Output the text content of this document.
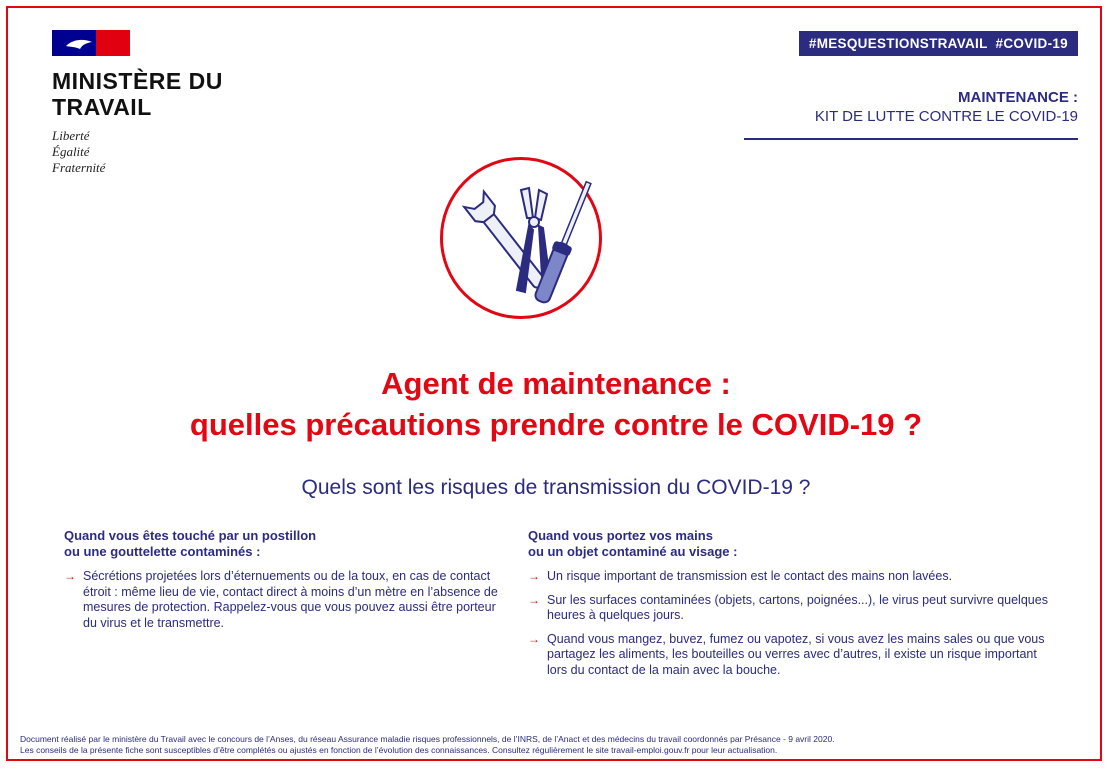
MINISTÈRE DU TRAVAIL
Liberté
Égalité
Fraternité
#MESQUESTIONSTRAVAIL  #COVID-19
MAINTENANCE :
KIT DE LUTTE CONTRE LE COVID-19
Agent de maintenance :
quelles précautions prendre contre le COVID-19 ?
Quels sont les risques de transmission du COVID-19 ?
Quand vous êtes touché par un postillon
ou une gouttelette contaminés :
→ Sécrétions projetées lors d’éternuements ou de la toux, en cas de contact étroit : même lieu de vie, contact direct à moins d’un mètre en l’absence de mesures de protection. Rappelez-vous que vous pouvez aussi être porteur du virus et le transmettre.
Quand vous portez vos mains
ou un objet contaminé au visage :
→ Un risque important de transmission est le contact des mains non lavées.
→ Sur les surfaces contaminées (objets, cartons, poignées...), le virus peut survivre quelques heures à quelques jours.
→ Quand vous mangez, buvez, fumez ou vapotez, si vous avez les mains sales ou que vous partagez les aliments, les bouteilles ou verres avec d’autres, il existe un risque important lors du contact de la main avec la bouche.
Document réalisé par le ministère du Travail avec le concours de l’Anses, du réseau Assurance maladie risques professionnels, de l’INRS, de l’Anact et des médecins du travail coordonnés par Présance - 9 avril 2020.
Les conseils de la présente fiche sont susceptibles d’être complétés ou ajustés en fonction de l’évolution des connaissances. Consultez régulièrement le site travail-emploi.gouv.fr pour leur actualisation.
